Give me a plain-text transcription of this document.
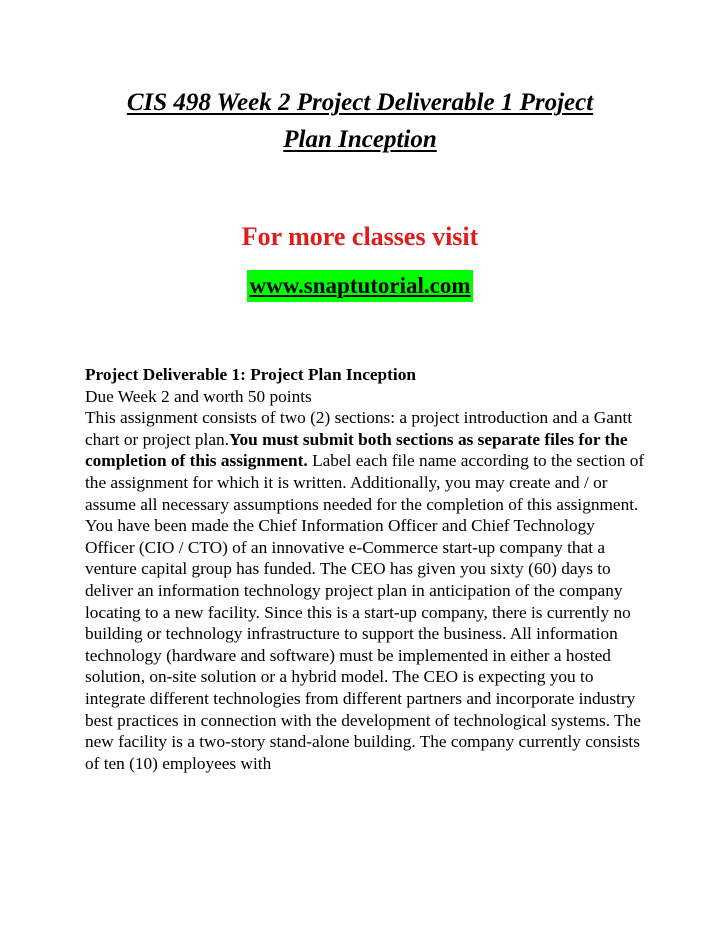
CIS 498 Week 2 Project Deliverable 1 Project
Plan Inception
For more classes visit
www.snaptutorial.com

Project Deliverable 1: Project Plan Inception

Due Week 2 and worth 50 points

This assignment consists of two (2) sections: a project introduction and a Gantt chart or project plan.You must submit both sections as separate files for the completion of this assignment. Label each file name according to the section of the assignment for which it is written. Additionally, you may create and / or assume all necessary assumptions needed for the completion of this assignment.

You have been made the Chief Information Officer and Chief Technology Officer (CIO / CTO) of an innovative e-Commerce start-up company that a venture capital group has funded. The CEO has given you sixty (60) days to deliver an information technology project plan in anticipation of the company locating to a new facility. Since this is a start-up company, there is currently no building or technology infrastructure to support the business. All information technology (hardware and software) must be implemented in either a hosted solution, on-site solution or a hybrid model. The CEO is expecting you to integrate different technologies from different partners and incorporate industry best practices in connection with the development of technological systems. The new facility is a two-story stand-alone building. The company currently consists of ten (10) employees with
